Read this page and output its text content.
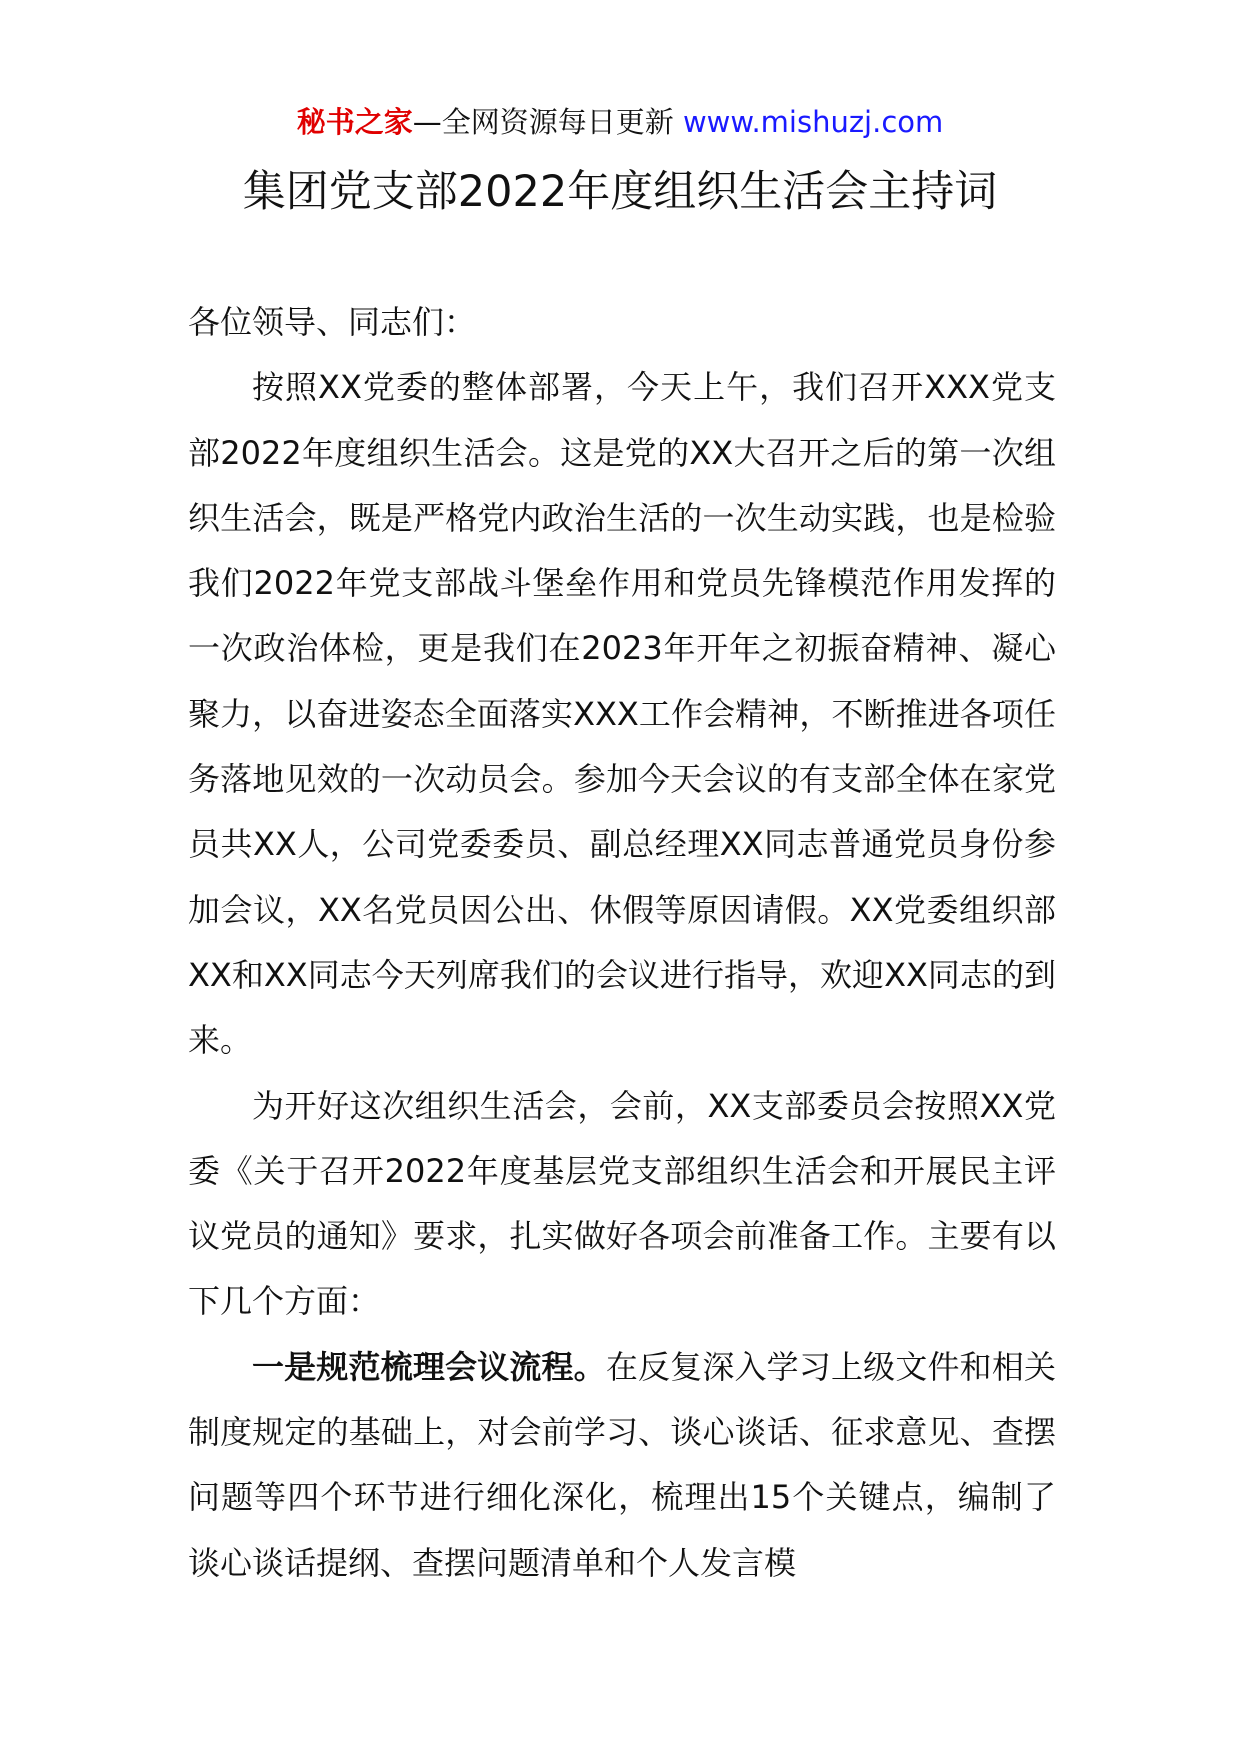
秘书之家—全网资源每日更新 www.mishuzj.com
集团党支部2022年度组织生活会主持词

各位领导、同志们：

按照XX党委的整体部署，今天上午，我们召开XXX党支部2022年度组织生活会。这是党的XX大召开之后的第一次组织生活会，既是严格党内政治生活的一次生动实践，也是检验我们2022年党支部战斗堡垒作用和党员先锋模范作用发挥的一次政治体检，更是我们在2023年开年之初振奋精神、凝心聚力，以奋进姿态全面落实XXX工作会精神，不断推进各项任务落地见效的一次动员会。参加今天会议的有支部全体在家党员共XX人，公司党委委员、副总经理XX同志普通党员身份参加会议，XX名党员因公出、休假等原因请假。XX党委组织部XX和XX同志今天列席我们的会议进行指导，欢迎XX同志的到来。

为开好这次组织生活会，会前，XX支部委员会按照XX党委《关于召开2022年度基层党支部组织生活会和开展民主评议党员的通知》要求，扎实做好各项会前准备工作。主要有以下几个方面：

一是规范梳理会议流程。在反复深入学习上级文件和相关制度规定的基础上，对会前学习、谈心谈话、征求意见、查摆问题等四个环节进行细化深化，梳理出15个关键点，编制了谈心谈话提纲、查摆问题清单和个人发言模
